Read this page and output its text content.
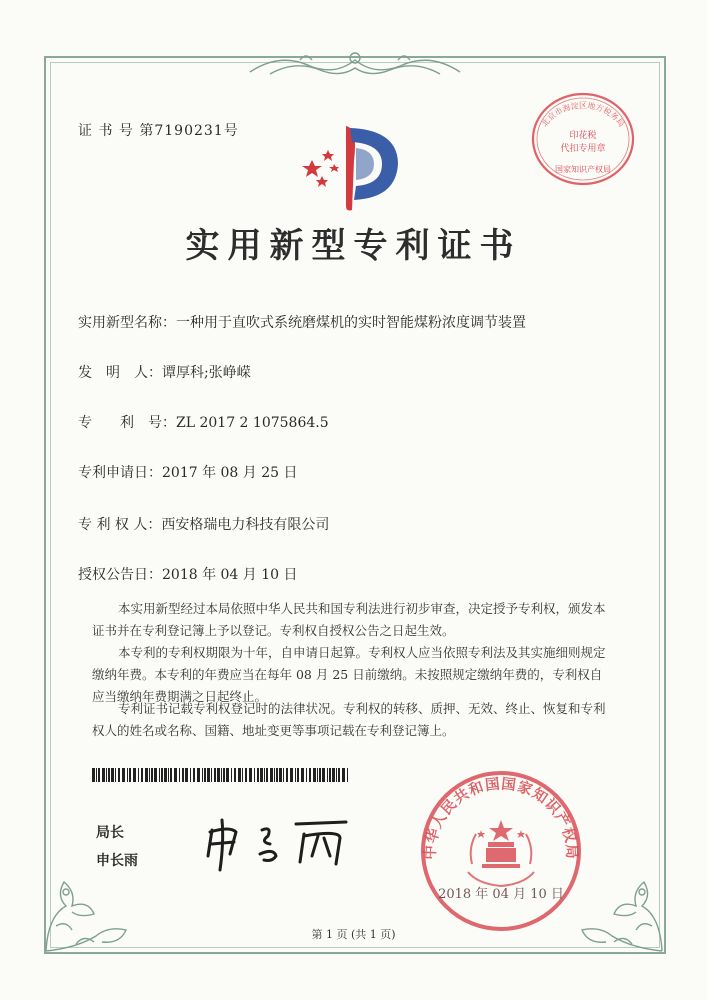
证 书 号 第7190231号
北京市海淀区地方税务局
印花税
代扣专用章
国家知识产权局
实用新型专利证书
实用新型名称：一种用于直吹式系统磨煤机的实时智能煤粉浓度调节装置
发　明　人：谭厚科;张峥嵘
专　　利　号：ZL 2017 2 1075864.5
专利申请日：2017 年 08 月 25 日
专 利 权 人：西安格瑞电力科技有限公司
授权公告日：2018 年 04 月 10 日
本实用新型经过本局依照中华人民共和国专利法进行初步审查，决定授予专利权，颁发本证书并在专利登记簿上予以登记。专利权自授权公告之日起生效。
本专利的专利权期限为十年，自申请日起算。专利权人应当依照专利法及其实施细则规定缴纳年费。本专利的年费应当在每年 08 月 25 日前缴纳。未按照规定缴纳年费的，专利权自应当缴纳年费期满之日起终止。
专利证书记载专利权登记时的法律状况。专利权的转移、质押、无效、终止、恢复和专利权人的姓名或名称、国籍、地址变更等事项记载在专利登记簿上。
局长
申长雨
中华人民共和国国家知识产权局
2018 年 04 月 10 日
第 1 页 (共 1 页)
